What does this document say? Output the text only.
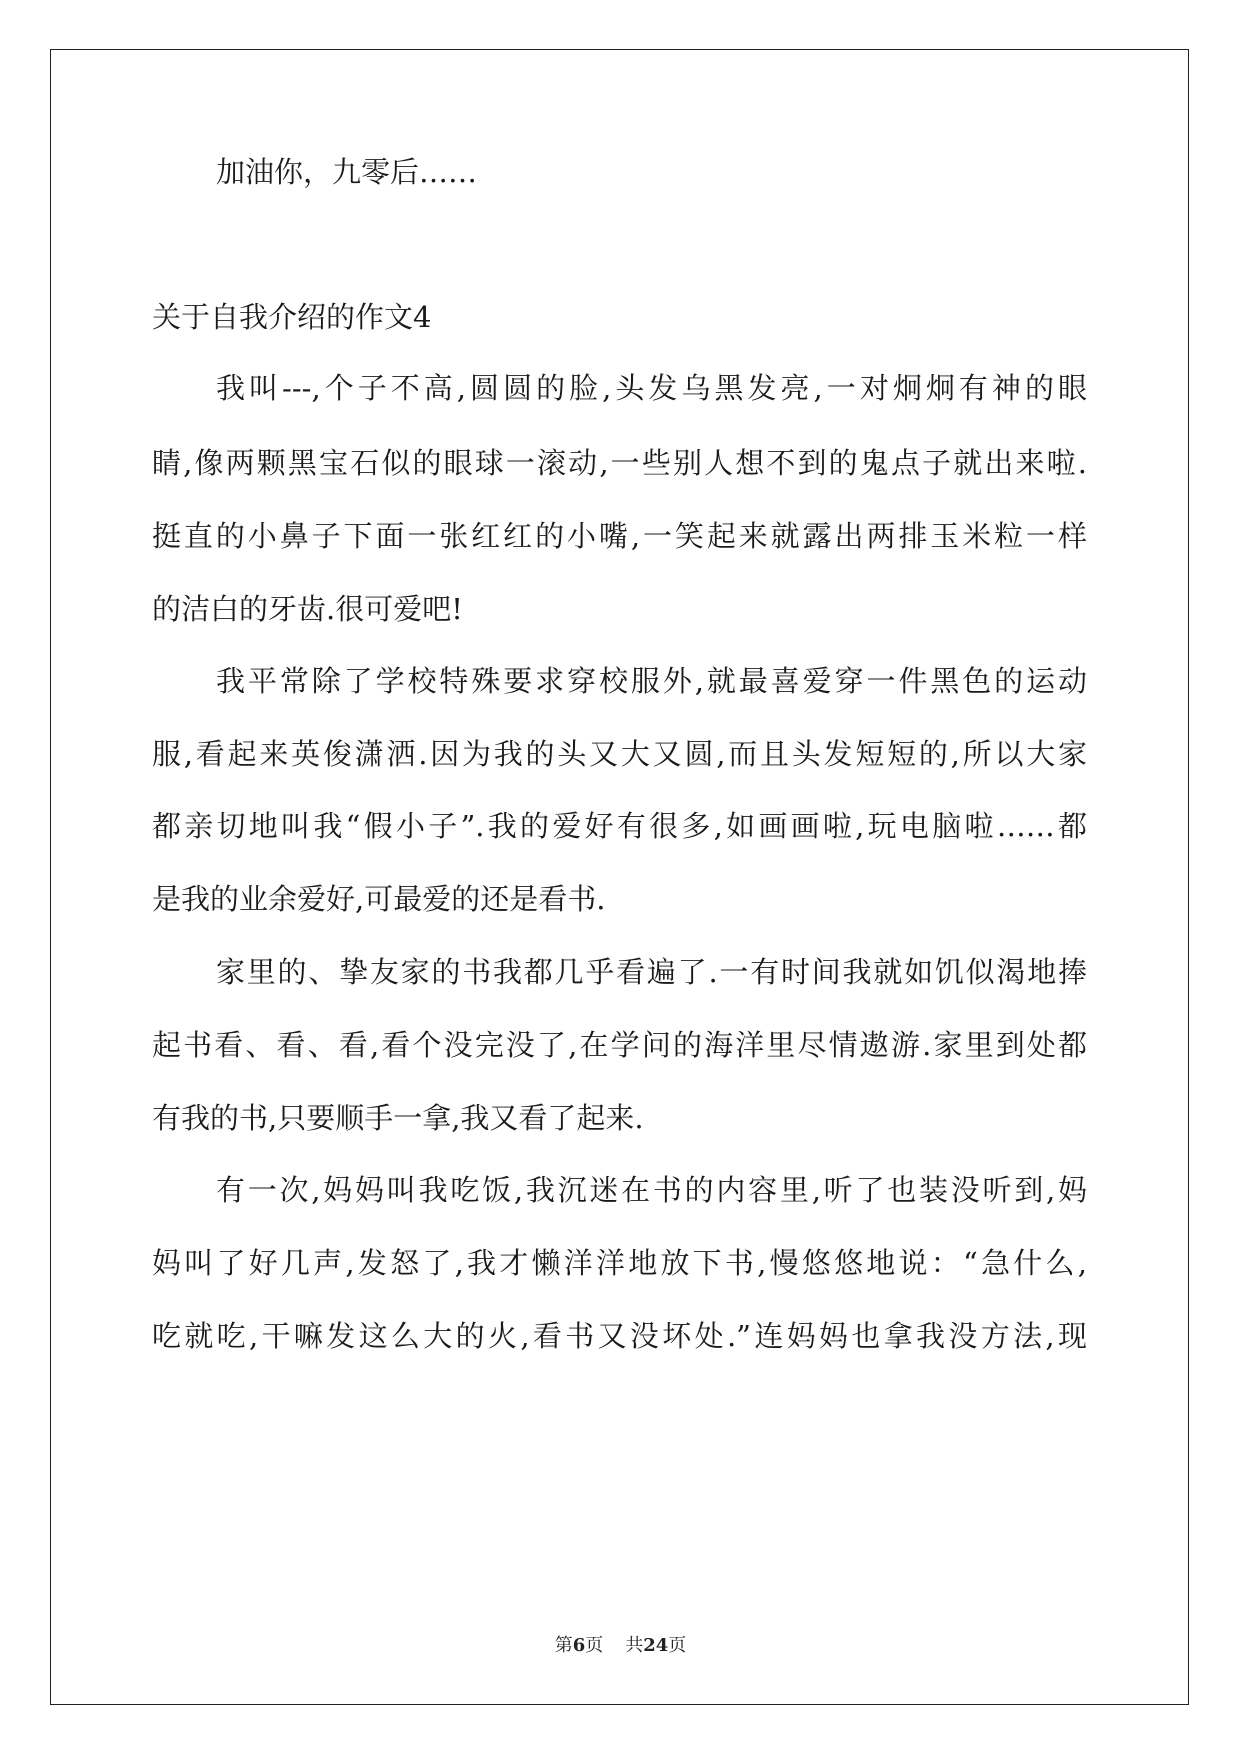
加油你，九零后……
关于自我介绍的作文4
我叫---,个子不高,圆圆的脸,头发乌黑发亮,一对炯炯有神的眼
睛,像两颗黑宝石似的眼球一滚动,一些别人想不到的鬼点子就出来啦.
挺直的小鼻子下面一张红红的小嘴,一笑起来就露出两排玉米粒一样
的洁白的牙齿.很可爱吧!
我平常除了学校特殊要求穿校服外,就最喜爱穿一件黑色的运动
服,看起来英俊潇洒.因为我的头又大又圆,而且头发短短的,所以大家
都亲切地叫我“假小子”.我的爱好有很多,如画画啦,玩电脑啦……都
是我的业余爱好,可最爱的还是看书.
家里的、挚友家的书我都几乎看遍了.一有时间我就如饥似渴地捧
起书看、看、看,看个没完没了,在学问的海洋里尽情遨游.家里到处都
有我的书,只要顺手一拿,我又看了起来.
有一次,妈妈叫我吃饭,我沉迷在书的内容里,听了也装没听到,妈
妈叫了好几声,发怒了,我才懒洋洋地放下书,慢悠悠地说：“急什么,
吃就吃,干嘛发这么大的火,看书又没坏处.”连妈妈也拿我没方法,现
第6页 共24页
